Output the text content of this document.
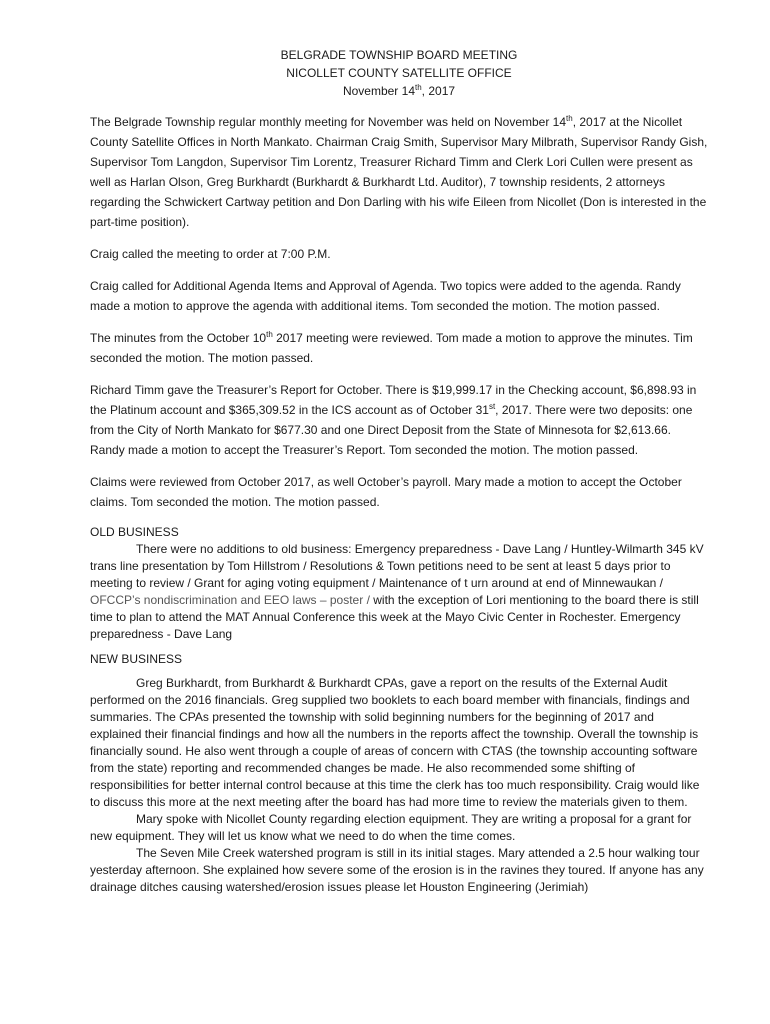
BELGRADE TOWNSHIP BOARD MEETING
NICOLLET COUNTY SATELLITE OFFICE
November 14th, 2017

The Belgrade Township regular monthly meeting for November was held on November 14th, 2017 at the Nicollet County Satellite Offices in North Mankato. Chairman Craig Smith, Supervisor Mary Milbrath, Supervisor Randy Gish, Supervisor Tom Langdon, Supervisor Tim Lorentz, Treasurer Richard Timm and Clerk Lori Cullen were present as well as Harlan Olson, Greg Burkhardt (Burkhardt & Burkhardt Ltd. Auditor), 7 township residents, 2 attorneys regarding the Schwickert Cartway petition and Don Darling with his wife Eileen from Nicollet (Don is interested in the part-time position).

Craig called the meeting to order at 7:00 P.M.

Craig called for Additional Agenda Items and Approval of Agenda. Two topics were added to the agenda. Randy made a motion to approve the agenda with additional items. Tom seconded the motion. The motion passed.

The minutes from the October 10th 2017 meeting were reviewed. Tom made a motion to approve the minutes. Tim seconded the motion. The motion passed.

Richard Timm gave the Treasurer’s Report for October. There is $19,999.17 in the Checking account, $6,898.93 in the Platinum account and $365,309.52 in the ICS account as of October 31st, 2017. There were two deposits: one from the City of North Mankato for $677.30 and one Direct Deposit from the State of Minnesota for $2,613.66. Randy made a motion to accept the Treasurer’s Report. Tom seconded the motion. The motion passed.

Claims were reviewed from October 2017, as well October’s payroll. Mary made a motion to accept the October claims. Tom seconded the motion. The motion passed.

OLD BUSINESS

There were no additions to old business: Emergency preparedness - Dave Lang / Huntley-Wilmarth 345 kV trans line presentation by Tom Hillstrom / Resolutions & Town petitions need to be sent at least 5 days prior to meeting to review / Grant for aging voting equipment / Maintenance of t urn around at end of Minnewaukan / OFCCP’s nondiscrimination and EEO laws – poster / with the exception of Lori mentioning to the board there is still time to plan to attend the MAT Annual Conference this week at the Mayo Civic Center in Rochester. Emergency preparedness - Dave Lang

NEW BUSINESS

Greg Burkhardt, from Burkhardt & Burkhardt CPAs, gave a report on the results of the External Audit performed on the 2016 financials. Greg supplied two booklets to each board member with financials, findings and summaries. The CPAs presented the township with solid beginning numbers for the beginning of 2017 and explained their financial findings and how all the numbers in the reports affect the township. Overall the township is financially sound. He also went through a couple of areas of concern with CTAS (the township accounting software from the state) reporting and recommended changes be made. He also recommended some shifting of responsibilities for better internal control because at this time the clerk has too much responsibility. Craig would like to discuss this more at the next meeting after the board has had more time to review the materials given to them.

Mary spoke with Nicollet County regarding election equipment. They are writing a proposal for a grant for new equipment. They will let us know what we need to do when the time comes.

The Seven Mile Creek watershed program is still in its initial stages. Mary attended a 2.5 hour walking tour yesterday afternoon. She explained how severe some of the erosion is in the ravines they toured. If anyone has any drainage ditches causing watershed/erosion issues please let Houston Engineering (Jerimiah)
